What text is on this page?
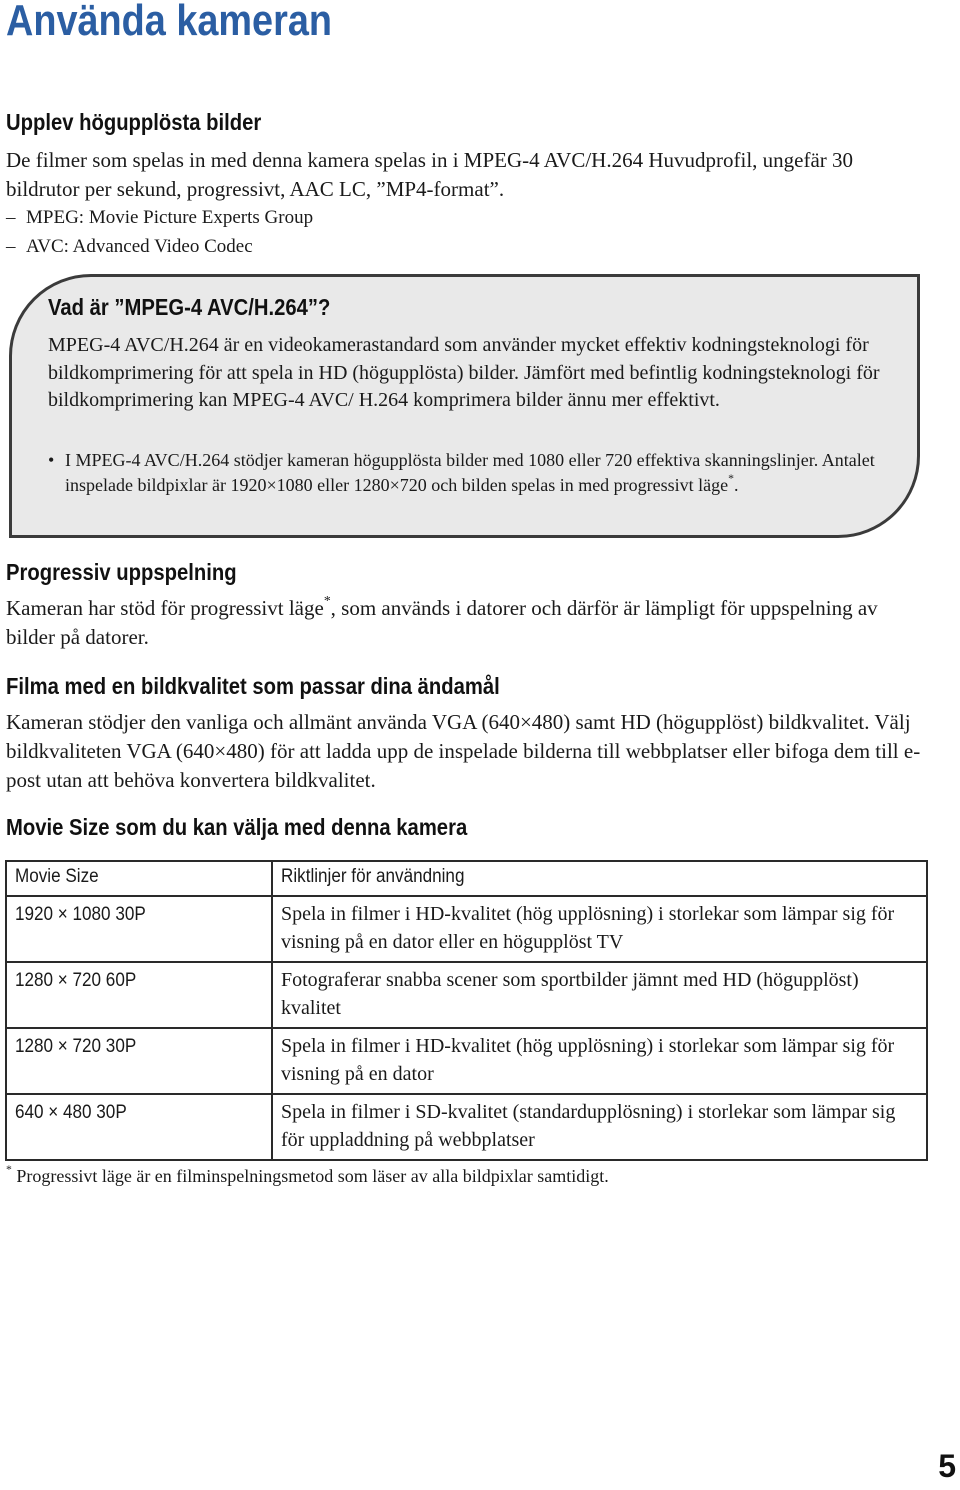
Använda kameran
Upplev högupplösta bilder

De filmer som spelas in med denna kamera spelas in i MPEG-4 AVC/H.264 Huvudprofil, ungefär 30 bildrutor per sekund, progressivt, AAC LC, ”MP4-format”.

– MPEG: Movie Picture Experts Group

– AVC: Advanced Video Codec

Vad är ”MPEG-4 AVC/H.264”?

MPEG-4 AVC/H.264 är en videokamerastandard som använder mycket effektiv kodningsteknologi för bildkomprimering för att spela in HD (högupplösta) bilder. Jämfört med befintlig kodningsteknologi för bildkomprimering kan MPEG-4 AVC/ H.264 komprimera bilder ännu mer effektivt.

• I MPEG-4 AVC/H.264 stödjer kameran högupplösta bilder med 1080 eller 720 effektiva skanningslinjer. Antalet inspelade bildpixlar är 1920×1080 eller 1280×720 och bilden spelas in med progressivt läge*.
Progressiv uppspelning

Kameran har stöd för progressivt läge*, som används i datorer och därför är lämpligt för uppspelning av bilder på datorer.

Filma med en bildkvalitet som passar dina ändamål

Kameran stödjer den vanliga och allmänt använda VGA (640×480) samt HD (högupplöst) bildkvalitet. Välj bildkvaliteten VGA (640×480) för att ladda upp de inspelade bilderna till webbplatser eller bifoga dem till e-post utan att behöva konvertera bildkvalitet.

Movie Size som du kan välja med denna kamera
Movie Size	Riktlinjer för användning
1920 × 1080 30P	Spela in filmer i HD-kvalitet (hög upplösning) i storlekar som lämpar sig för visning på en dator eller en högupplöst TV
1280 × 720 60P	Fotograferar snabba scener som sportbilder jämnt med HD (högupplöst) kvalitet
1280 × 720 30P	Spela in filmer i HD-kvalitet (hög upplösning) i storlekar som lämpar sig för visning på en dator
640 × 480 30P	Spela in filmer i SD-kvalitet (standardupplösning) i storlekar som lämpar sig för uppladdning på webbplatser

* Progressivt läge är en filminspelningsmetod som läser av alla bildpixlar samtidigt.

5
